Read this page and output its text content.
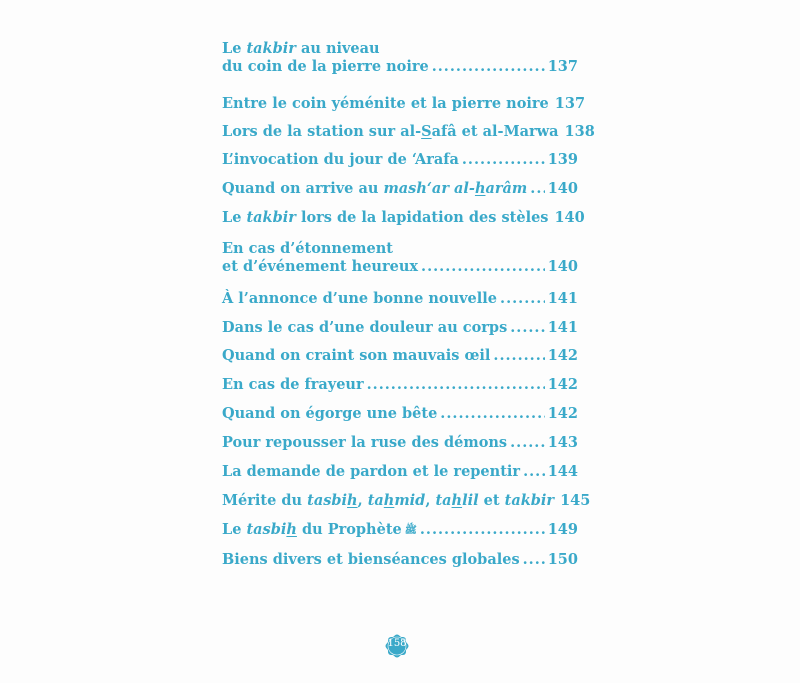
Le takbir au niveau
du coin de la pierre noire .....	137
Entre le coin yéménite et la pierre noire 137
Lors de la station sur al-Safâ et al-Marwa 138
L’invocation du jour de ‘Arafa .....	139
Quand on arrive au mash‘ar al-harâm ..... 140
Le takbir lors de la lapidation des stèles 140
En cas d’étonnement
et d’événement heureux .....	140
À l’annonce d’une bonne nouvelle .....	141
Dans le cas d’une douleur au corps .....	141
Quand on craint son mauvais œil .....	142
En cas de frayeur .....	142
Quand on égorge une bête .....	142
Pour repousser la ruse des démons .....	143
La demande de pardon et le repentir ..... 144
Mérite du tasbih, tahmid, tahlil et takbir 145
Le tasbih du Prophète ﷺ .....	149
Biens divers et bienséances globales ..... 150
158
